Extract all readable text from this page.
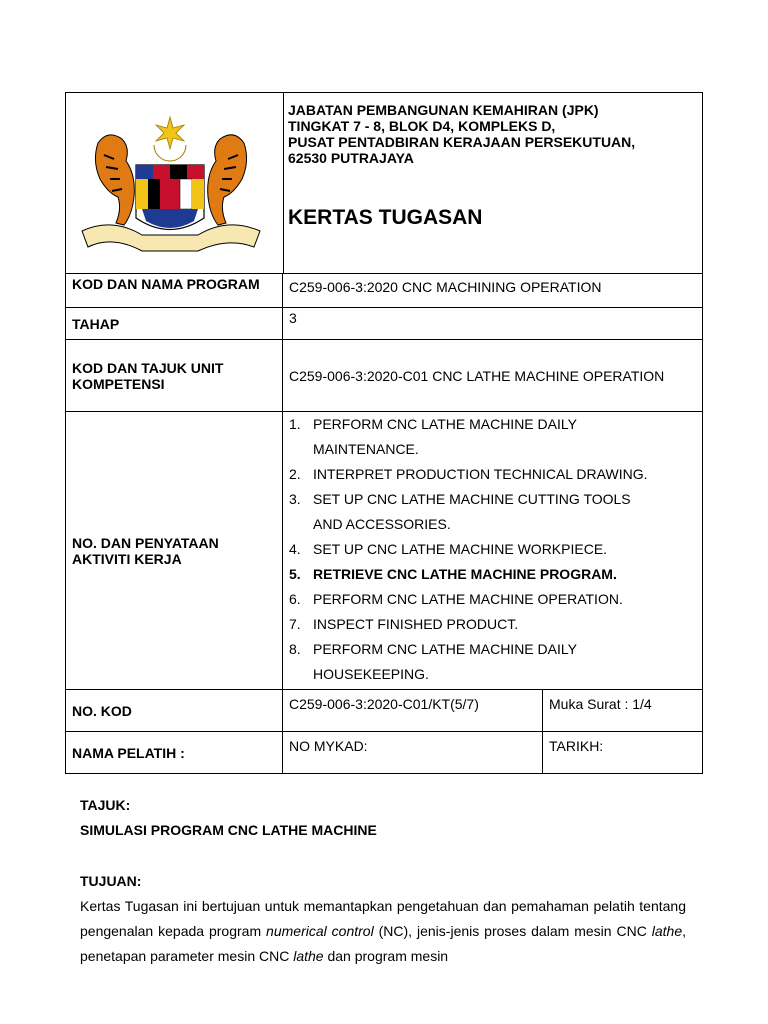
JABATAN PEMBANGUNAN KEMAHIRAN (JPK)
TINGKAT 7 - 8, BLOK D4, KOMPLEKS D,
PUSAT PENTADBIRAN KERAJAAN PERSEKUTUAN,
62530 PUTRAJAYA
KERTAS TUGASAN
KOD DAN NAMA PROGRAM	C259-006-3:2020 CNC MACHINING OPERATION
TAHAP	3
KOD DAN TAJUK UNIT KOMPETENSI	C259-006-3:2020-C01 CNC LATHE MACHINE OPERATION
NO. DAN PENYATAAN AKTIVITI KERJA
1. PERFORM CNC LATHE MACHINE DAILY
MAINTENANCE.
2. INTERPRET PRODUCTION TECHNICAL DRAWING.
3. SET UP CNC LATHE MACHINE CUTTING TOOLS
AND ACCESSORIES.
4. SET UP CNC LATHE MACHINE WORKPIECE.
5. RETRIEVE CNC LATHE MACHINE PROGRAM.
6. PERFORM CNC LATHE MACHINE OPERATION.
7. INSPECT FINISHED PRODUCT.
8. PERFORM CNC LATHE MACHINE DAILY
HOUSEKEEPING.
NO. KOD	C259-006-3:2020-C01/KT(5/7)	Muka Surat : 1/4
NAMA PELATIH :	NO MYKAD:	TARIKH:
TAJUK:
SIMULASI PROGRAM CNC LATHE MACHINE
TUJUAN:
Kertas Tugasan ini bertujuan untuk memantapkan pengetahuan dan pemahaman pelatih tentang pengenalan kepada program numerical control (NC), jenis-jenis proses dalam mesin CNC lathe, penetapan parameter mesin CNC lathe dan program mesin
